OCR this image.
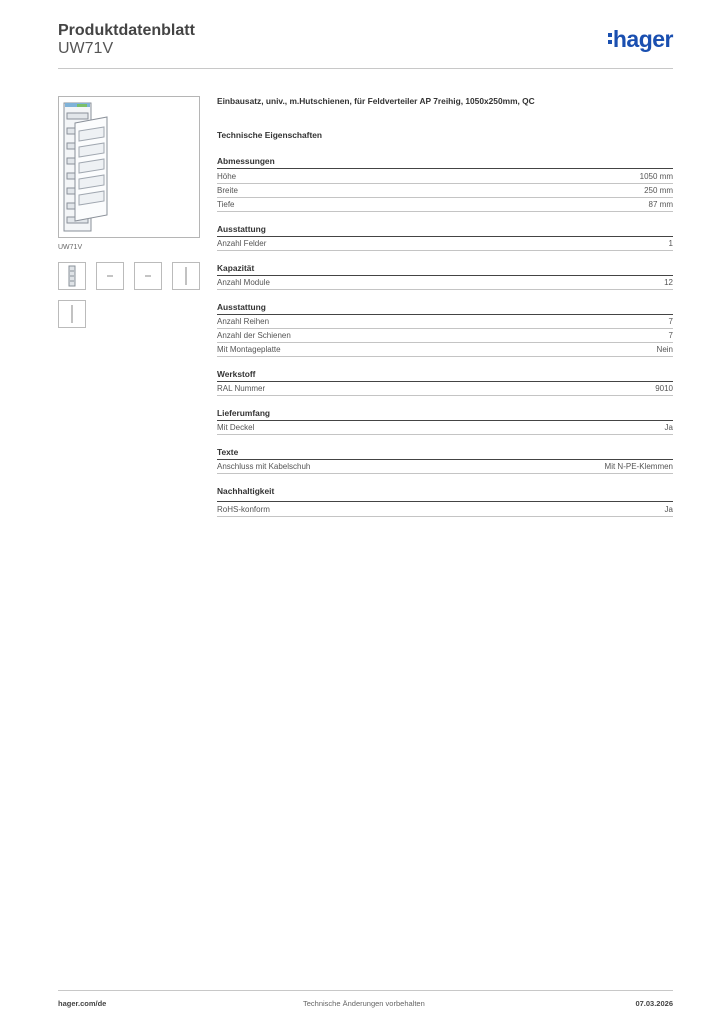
Produktdatenblatt
UW71V	hager
UW71V
Einbausatz, univ., m.Hutschienen, für Feldverteiler AP 7reihig, 1050x250mm, QC
Technische Eigenschaften
Abmessungen
Höhe	1050 mm
Breite	250 mm
Tiefe	87 mm
Ausstattung
Anzahl Felder	1
Kapazität
Anzahl Module	12
Ausstattung
Anzahl Reihen	7
Anzahl der Schienen	7
Mit Montageplatte	Nein
Werkstoff
RAL Nummer	9010
Lieferumfang
Mit Deckel	Ja
Texte
Anschluss mit Kabelschuh	Mit N-PE-Klemmen
Nachhaltigkeit
RoHS-konform	Ja
hager.com/de	Technische Änderungen vorbehalten	07.03.2026
